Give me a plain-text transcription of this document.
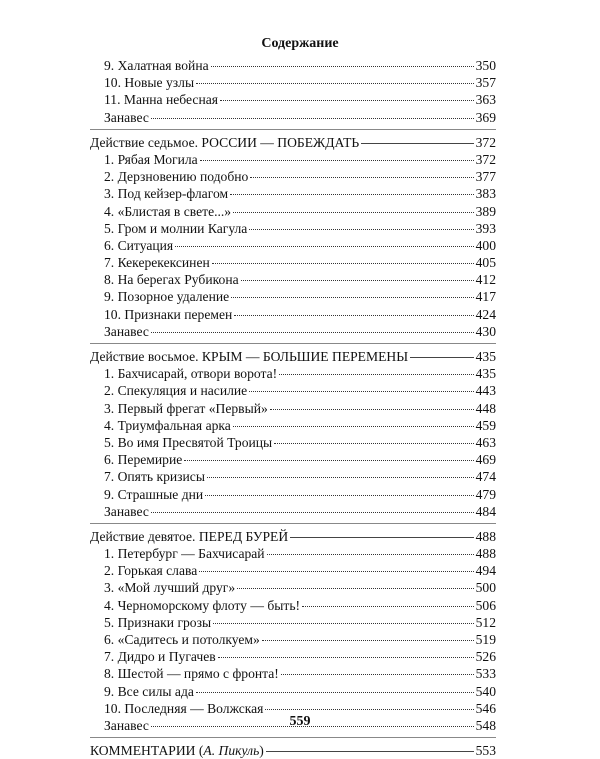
Содержание
9. Халатная война	350
10. Новые узлы	357
11. Манна небесная	363
Занавес	369
Действие седьмое. РОССИИ — ПОБЕЖДАТЬ	372
1. Рябая Могила	372
2. Дерзновению подобно	377
3. Под кейзер-флагом	383
4. «Блистая в свете...»	389
5. Гром и молнии Кагула	393
6. Ситуация	400
7. Кекерекексинен	405
8. На берегах Рубикона	412
9. Позорное удаление	417
10. Признаки перемен	424
Занавес	430
Действие восьмое. КРЫМ — БОЛЬШИЕ ПЕРЕМЕНЫ	435
1. Бахчисарай, отвори ворота!	435
2. Спекуляция и насилие	443
3. Первый фрегат «Первый»	448
4. Триумфальная арка	459
5. Во имя Пресвятой Троицы	463
6. Перемирие	469
7. Опять кризисы	474
9. Страшные дни	479
Занавес	484
Действие девятое. ПЕРЕД БУРЕЙ	488
1. Петербург — Бахчисарай	488
2. Горькая слава	494
3. «Мой лучший друг»	500
4. Черноморскому флоту — быть!	506
5. Признаки грозы	512
6. «Садитесь и потолкуем»	519
7. Дидро и Пугачев	526
8. Шестой — прямо с фронта!	533
9. Все силы ада	540
10. Последняя — Волжская	546
Занавес	548
КОММЕНТАРИИ (А. Пикуль)	553
559
